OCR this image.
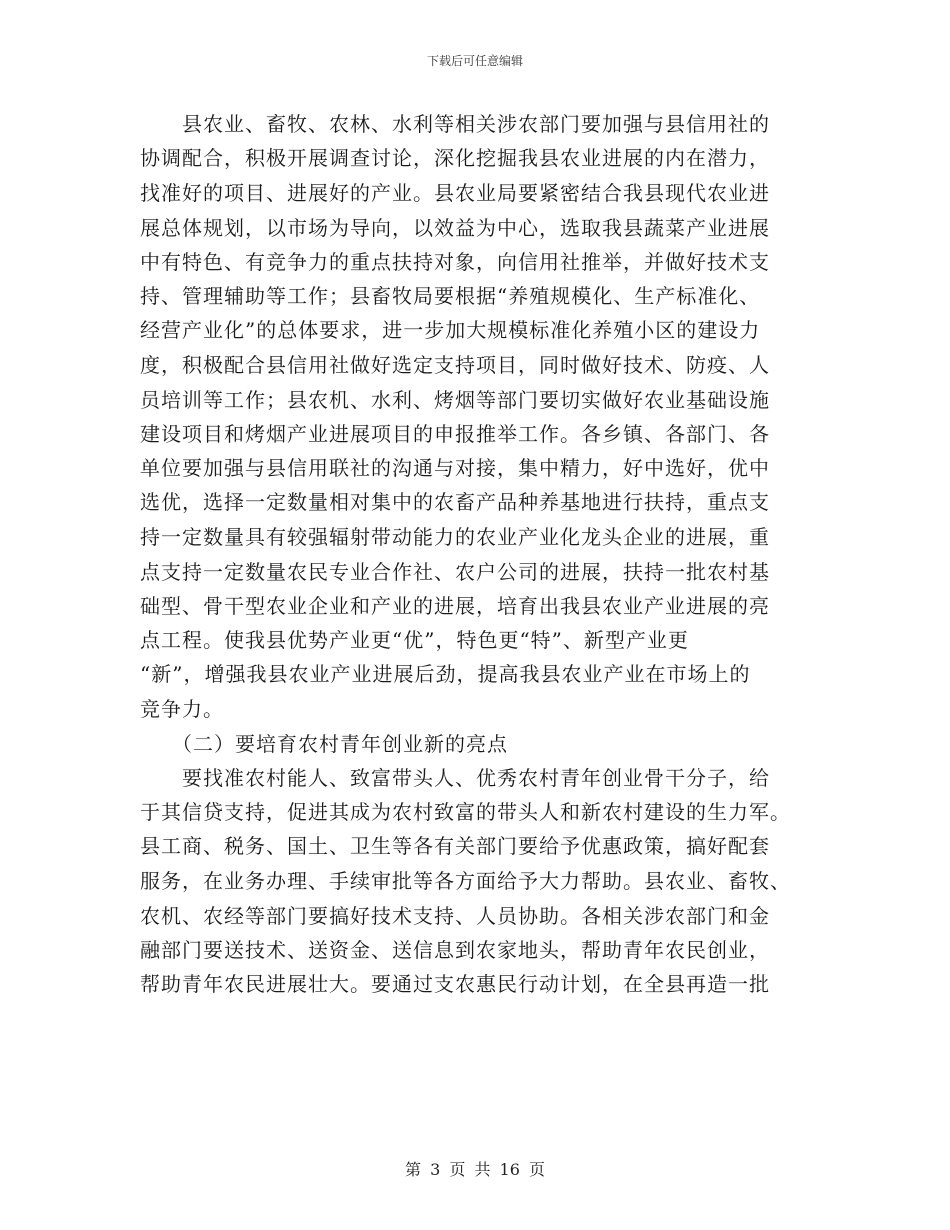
下载后可任意编辑
　　县农业、畜牧、农林、水利等相关涉农部门要加强与县信用社的
协调配合，积极开展调查讨论，深化挖掘我县农业进展的内在潜力，
找准好的项目、进展好的产业。县农业局要紧密结合我县现代农业进
展总体规划，以市场为导向，以效益为中心，选取我县蔬菜产业进展
中有特色、有竞争力的重点扶持对象，向信用社推举，并做好技术支
持、管理辅助等工作；县畜牧局要根据“养殖规模化、生产标准化、
经营产业化”的总体要求，进一步加大规模标准化养殖小区的建设力
度，积极配合县信用社做好选定支持项目，同时做好技术、防疫、人
员培训等工作；县农机、水利、烤烟等部门要切实做好农业基础设施
建设项目和烤烟产业进展项目的申报推举工作。各乡镇、各部门、各
单位要加强与县信用联社的沟通与对接，集中精力，好中选好，优中
选优，选择一定数量相对集中的农畜产品种养基地进行扶持，重点支
持一定数量具有较强辐射带动能力的农业产业化龙头企业的进展，重
点支持一定数量农民专业合作社、农户公司的进展，扶持一批农村基
础型、骨干型农业企业和产业的进展，培育出我县农业产业进展的亮
点工程。使我县优势产业更“优”，特色更“特”、新型产业更
“新”，增强我县农业产业进展后劲，提高我县农业产业在市场上的
竞争力。
　　（二）要培育农村青年创业新的亮点
　　要找准农村能人、致富带头人、优秀农村青年创业骨干分子，给
于其信贷支持，促进其成为农村致富的带头人和新农村建设的生力军。
县工商、税务、国土、卫生等各有关部门要给予优惠政策，搞好配套
服务，在业务办理、手续审批等各方面给予大力帮助。县农业、畜牧、
农机、农经等部门要搞好技术支持、人员协助。各相关涉农部门和金
融部门要送技术、送资金、送信息到农家地头，帮助青年农民创业，
帮助青年农民进展壮大。要通过支农惠民行动计划，在全县再造一批
第 3 页 共 16 页
